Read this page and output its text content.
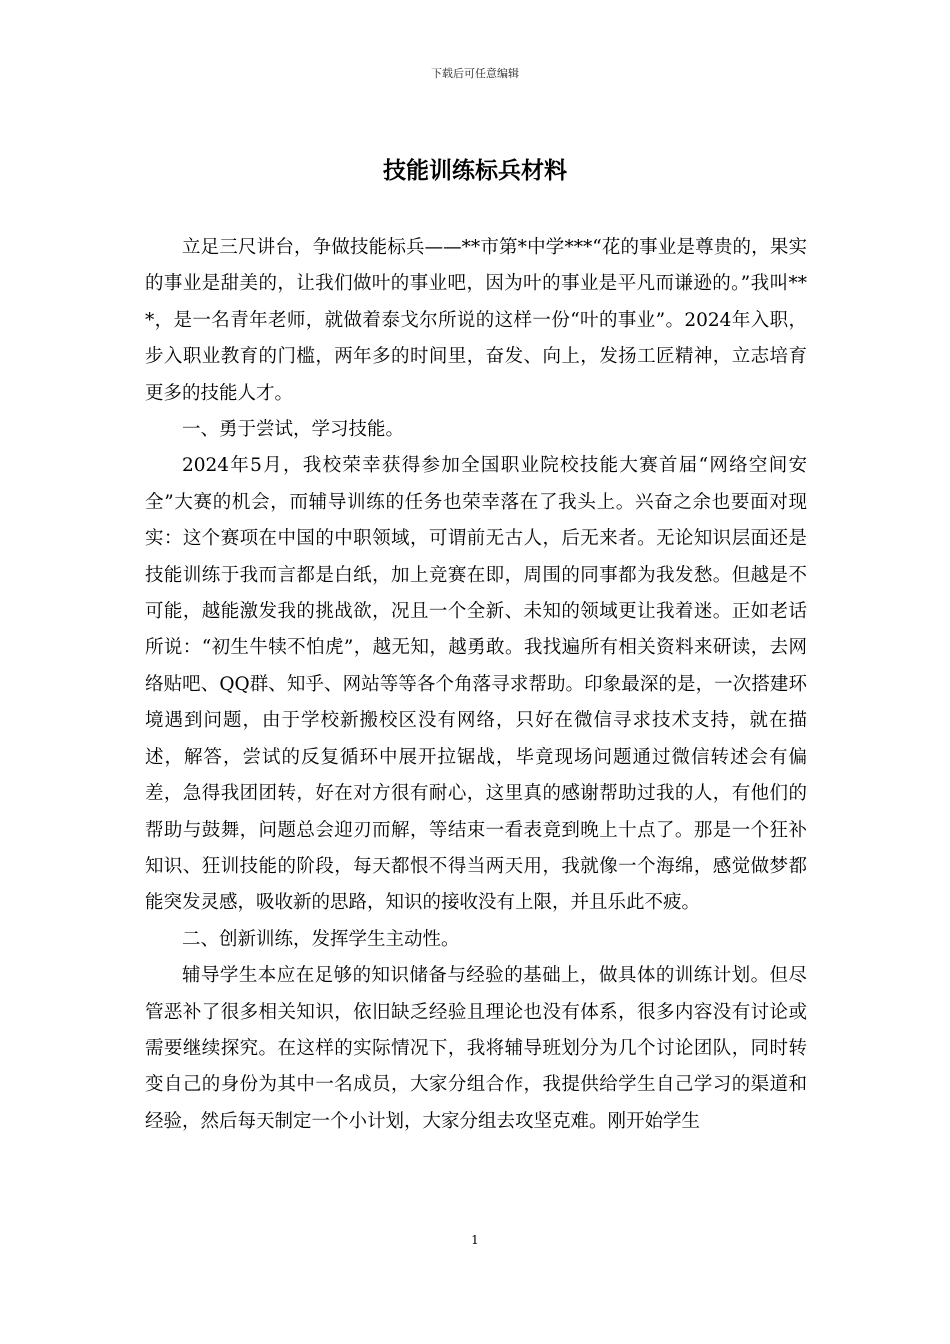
下载后可任意编辑
技能训练标兵材料

立足三尺讲台，争做技能标兵——**市第*中学***“花的事业是尊贵的，果实的事业是甜美的，让我们做叶的事业吧，因为叶的事业是平凡而谦逊的。”我叫***，是一名青年老师，就做着泰戈尔所说的这样一份“叶的事业”。2024年入职，步入职业教育的门槛，两年多的时间里，奋发、向上，发扬工匠精神，立志培育更多的技能人才。

一、勇于尝试，学习技能。

2024年5月，我校荣幸获得参加全国职业院校技能大赛首届“网络空间安全”大赛的机会，而辅导训练的任务也荣幸落在了我头上。兴奋之余也要面对现实：这个赛项在中国的中职领域，可谓前无古人，后无来者。无论知识层面还是技能训练于我而言都是白纸，加上竞赛在即，周围的同事都为我发愁。但越是不可能，越能激发我的挑战欲，况且一个全新、未知的领域更让我着迷。正如老话所说：“初生牛犊不怕虎”，越无知，越勇敢。我找遍所有相关资料来研读，去网络贴吧、QQ群、知乎、网站等等各个角落寻求帮助。印象最深的是，一次搭建环境遇到问题，由于学校新搬校区没有网络，只好在微信寻求技术支持，就在描述，解答，尝试的反复循环中展开拉锯战，毕竟现场问题通过微信转述会有偏差，急得我团团转，好在对方很有耐心，这里真的感谢帮助过我的人，有他们的帮助与鼓舞，问题总会迎刃而解，等结束一看表竟到晚上十点了。那是一个狂补知识、狂训技能的阶段，每天都恨不得当两天用，我就像一个海绵，感觉做梦都能突发灵感，吸收新的思路，知识的接收没有上限，并且乐此不疲。

二、创新训练，发挥学生主动性。

辅导学生本应在足够的知识储备与经验的基础上，做具体的训练计划。但尽管恶补了很多相关知识，依旧缺乏经验且理论也没有体系，很多内容没有讨论或需要继续探究。在这样的实际情况下，我将辅导班划分为几个讨论团队，同时转变自己的身份为其中一名成员，大家分组合作，我提供给学生自己学习的渠道和经验，然后每天制定一个小计划，大家分组去攻坚克难。刚开始学生

1
